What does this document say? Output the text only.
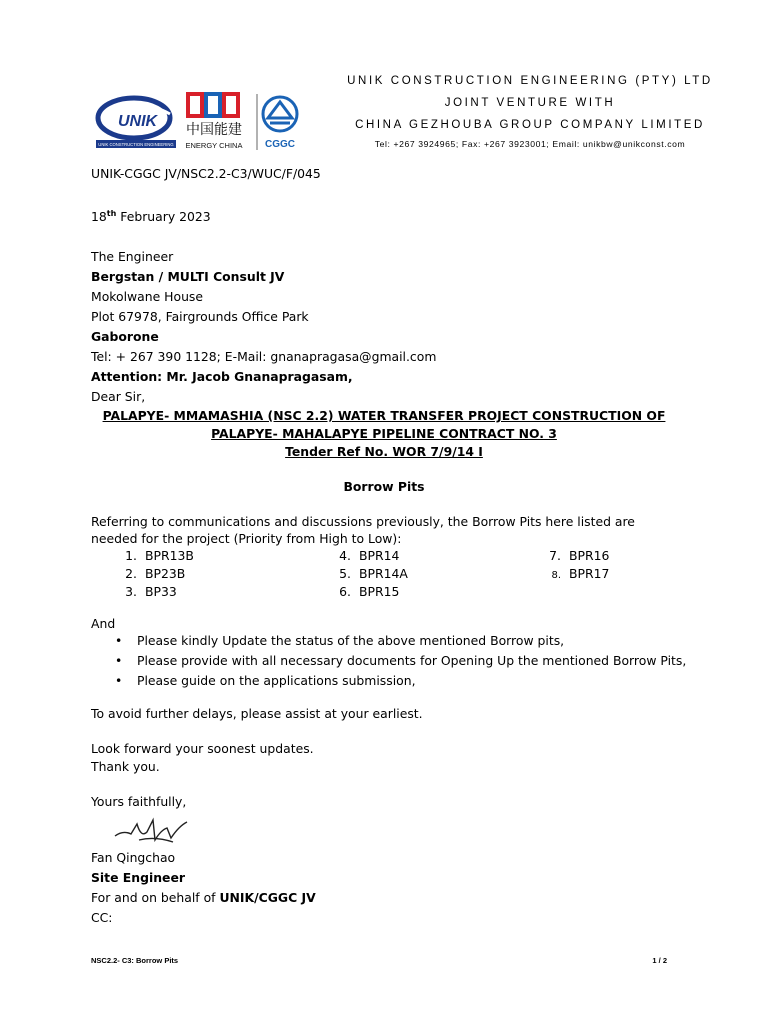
UNIK
UNIK CONSTRUCTION ENGINEERING
中国能建
ENERGY CHINA CGGC
UNIK CONSTRUCTION ENGINEERING (PTY) LTD
JOINT VENTURE WITH
CHINA GEZHOUBA GROUP COMPANY LIMITED
Tel: +267 3924965; Fax: +267 3923001; Email: unikbw@unikconst.com
UNIK-CGGC JV/NSC2.2-C3/WUC/F/045
18th February 2023
The Engineer
Bergstan / MULTI Consult JV
Mokolwane House
Plot 67978, Fairgrounds Office Park
Gaborone
Tel: + 267 390 1128; E-Mail: gnanapragasa@gmail.com
Attention: Mr. Jacob Gnanapragasam,
Dear Sir,
PALAPYE- MMAMASHIA (NSC 2.2) WATER TRANSFER PROJECT CONSTRUCTION OF
PALAPYE- MAHALAPYE PIPELINE CONTRACT NO. 3
Tender Ref No. WOR 7/9/14 I
Borrow Pits
Referring to communications and discussions previously, the Borrow Pits here listed are
needed for the project (Priority from High to Low):
1. BPR13B
2. BP23B
3. BP33
4. BPR14
5. BPR14A
6. BPR15
7. BPR16
8. BPR17
And
• Please kindly Update the status of the above mentioned Borrow pits,
• Please provide with all necessary documents for Opening Up the mentioned Borrow Pits,
• Please guide on the applications submission,
To avoid further delays, please assist at your earliest.
Look forward your soonest updates.
Thank you.
Yours faithfully,
Fan Qingchao
Site Engineer
For and on behalf of UNIK/CGGC JV
CC:
NSC2.2- C3: Borrow Pits	1 / 2
